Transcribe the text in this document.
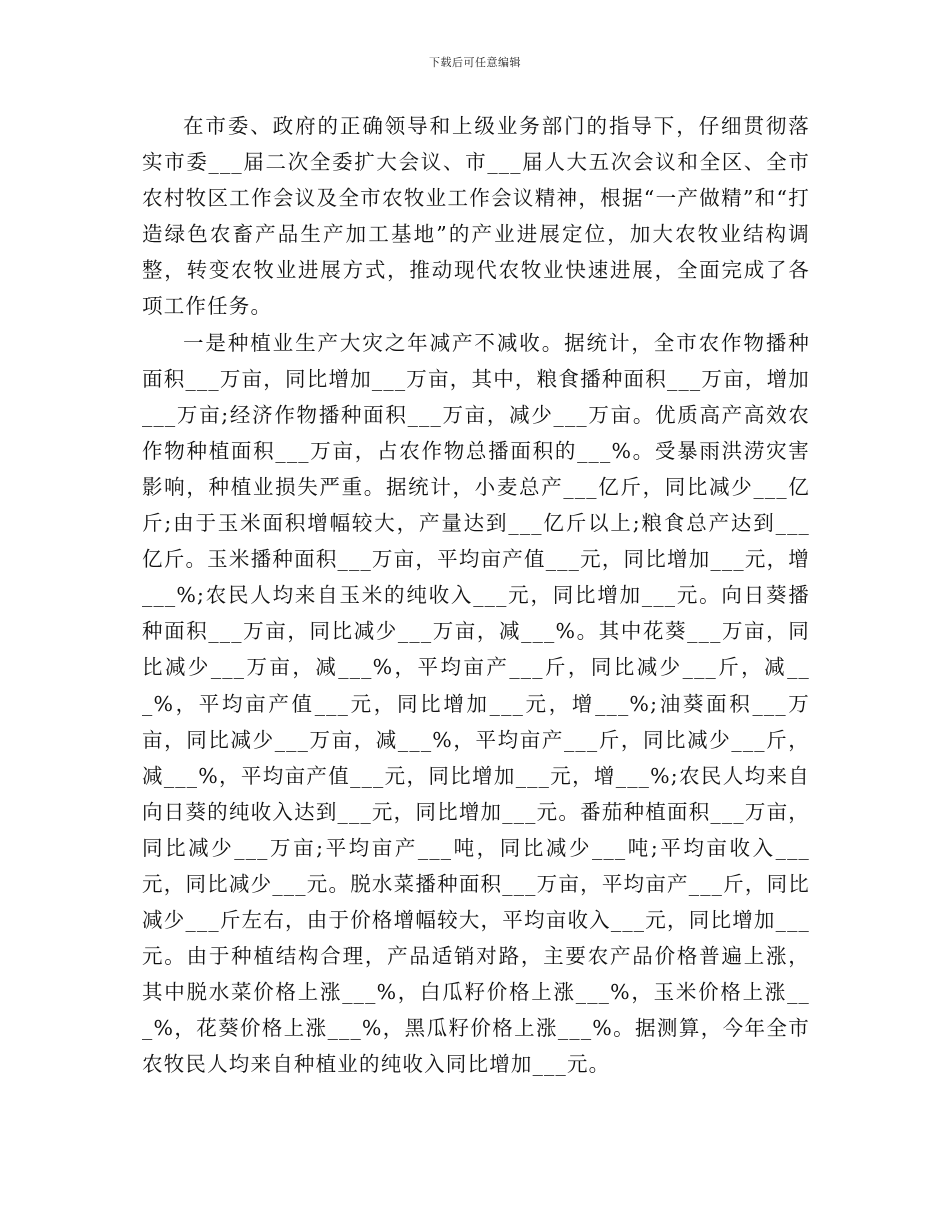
下载后可任意编辑

在市委、政府的正确领导和上级业务部门的指导下，仔细贯彻落实市委___届二次全委扩大会议、市___届人大五次会议和全区、全市农村牧区工作会议及全市农牧业工作会议精神，根据“一产做精”和“打造绿色农畜产品生产加工基地”的产业进展定位，加大农牧业结构调整，转变农牧业进展方式，推动现代农牧业快速进展，全面完成了各项工作任务。

一是种植业生产大灾之年减产不减收。据统计，全市农作物播种面积___万亩，同比增加___万亩，其中，粮食播种面积___万亩，增加___万亩;经济作物播种面积___万亩，减少___万亩。优质高产高效农作物种植面积___万亩，占农作物总播面积的___%。受暴雨洪涝灾害影响，种植业损失严重。据统计，小麦总产___亿斤，同比减少___亿斤;由于玉米面积增幅较大，产量达到___亿斤以上;粮食总产达到___亿斤。玉米播种面积___万亩，平均亩产值___元，同比增加___元，增___%;农民人均来自玉米的纯收入___元，同比增加___元。向日葵播种面积___万亩，同比减少___万亩，减___%。其中花葵___万亩，同比减少___万亩，减___%，平均亩产___斤，同比减少___斤，减___%，平均亩产值___元，同比增加___元，增___%;油葵面积___万亩，同比减少___万亩，减___%，平均亩产___斤，同比减少___斤，减___%，平均亩产值___元，同比增加___元，增___%;农民人均来自向日葵的纯收入达到___元，同比增加___元。番茄种植面积___万亩，同比减少___万亩;平均亩产___吨，同比减少___吨;平均亩收入___元，同比减少___元。脱水菜播种面积___万亩，平均亩产___斤，同比减少___斤左右，由于价格增幅较大，平均亩收入___元，同比增加___元。由于种植结构合理，产品适销对路，主要农产品价格普遍上涨，其中脱水菜价格上涨___%，白瓜籽价格上涨___%，玉米价格上涨___%，花葵价格上涨___%，黑瓜籽价格上涨___%。据测算，今年全市农牧民人均来自种植业的纯收入同比增加___元。
